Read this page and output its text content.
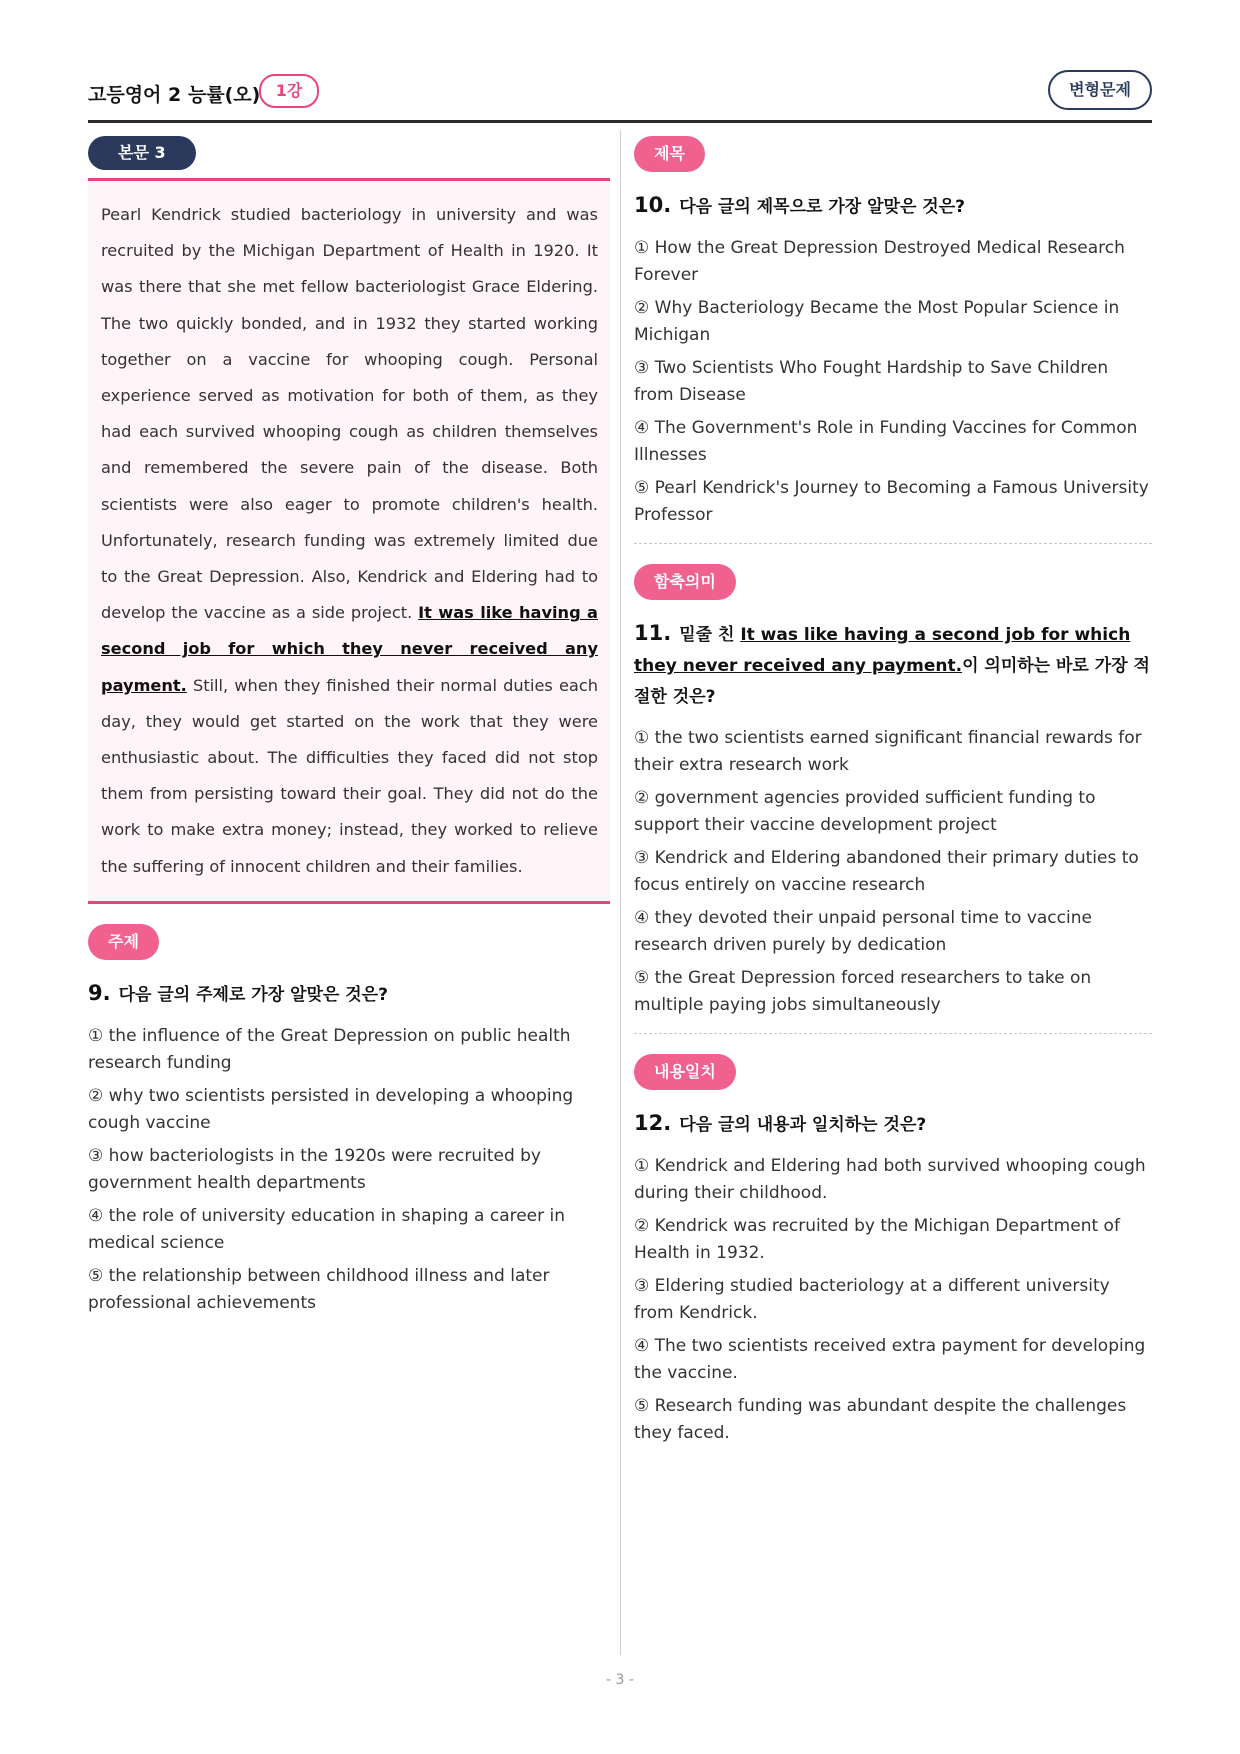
고등영어 2 능률(오) 1강	변형문제
본문 3
Pearl Kendrick studied bacteriology in university and was recruited by the Michigan Department of Health in 1920. It was there that she met fellow bacteriologist Grace Eldering. The two quickly bonded, and in 1932 they started working together on a vaccine for whooping cough. Personal experience served as motivation for both of them, as they had each survived whooping cough as children themselves and remembered the severe pain of the disease. Both scientists were also eager to promote children's health. Unfortunately, research funding was extremely limited due to the Great Depression. Also, Kendrick and Eldering had to develop the vaccine as a side project. It was like having a second job for which they never received any payment. Still, when they finished their normal duties each day, they would get started on the work that they were enthusiastic about. The difficulties they faced did not stop them from persisting toward their goal. They did not do the work to make extra money; instead, they worked to relieve the suffering of innocent children and their families.
주제
9. 다음 글의 주제로 가장 알맞은 것은?
① the influence of the Great Depression on public health research funding
② why two scientists persisted in developing a whooping cough vaccine
③ how bacteriologists in the 1920s were recruited by government health departments
④ the role of university education in shaping a career in medical science
⑤ the relationship between childhood illness and later professional achievements
제목
10. 다음 글의 제목으로 가장 알맞은 것은?
① How the Great Depression Destroyed Medical Research Forever
② Why Bacteriology Became the Most Popular Science in Michigan
③ Two Scientists Who Fought Hardship to Save Children from Disease
④ The Government's Role in Funding Vaccines for Common Illnesses
⑤ Pearl Kendrick's Journey to Becoming a Famous University Professor
함축의미
11. 밑줄 친 It was like having a second job for which they never received any payment.이 의미하는 바로 가장 적절한 것은?
① the two scientists earned significant financial rewards for their extra research work
② government agencies provided sufficient funding to support their vaccine development project
③ Kendrick and Eldering abandoned their primary duties to focus entirely on vaccine research
④ they devoted their unpaid personal time to vaccine research driven purely by dedication
⑤ the Great Depression forced researchers to take on multiple paying jobs simultaneously
내용일치
12. 다음 글의 내용과 일치하는 것은?
① Kendrick and Eldering had both survived whooping cough during their childhood.
② Kendrick was recruited by the Michigan Department of Health in 1932.
③ Eldering studied bacteriology at a different university from Kendrick.
④ The two scientists received extra payment for developing the vaccine.
⑤ Research funding was abundant despite the challenges they faced.
- 3 -
